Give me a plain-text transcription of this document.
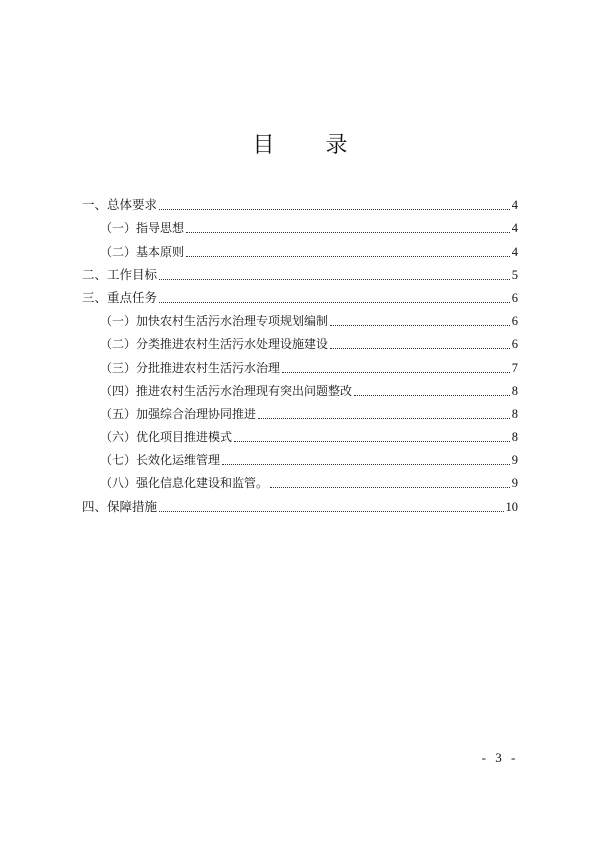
目 录
一、总体要求	4
（一）指导思想	4
（二）基本原则	4
二、工作目标	5
三、重点任务	6
（一）加快农村生活污水治理专项规划编制	6
（二）分类推进农村生活污水处理设施建设	6
（三）分批推进农村生活污水治理	7
（四）推进农村生活污水治理现有突出问题整改	8
（五）加强综合治理协同推进	8
（六）优化项目推进模式	8
（七）长效化运维管理	9
（八）强化信息化建设和监管。	9
四、保障措施	10
- 3 -
